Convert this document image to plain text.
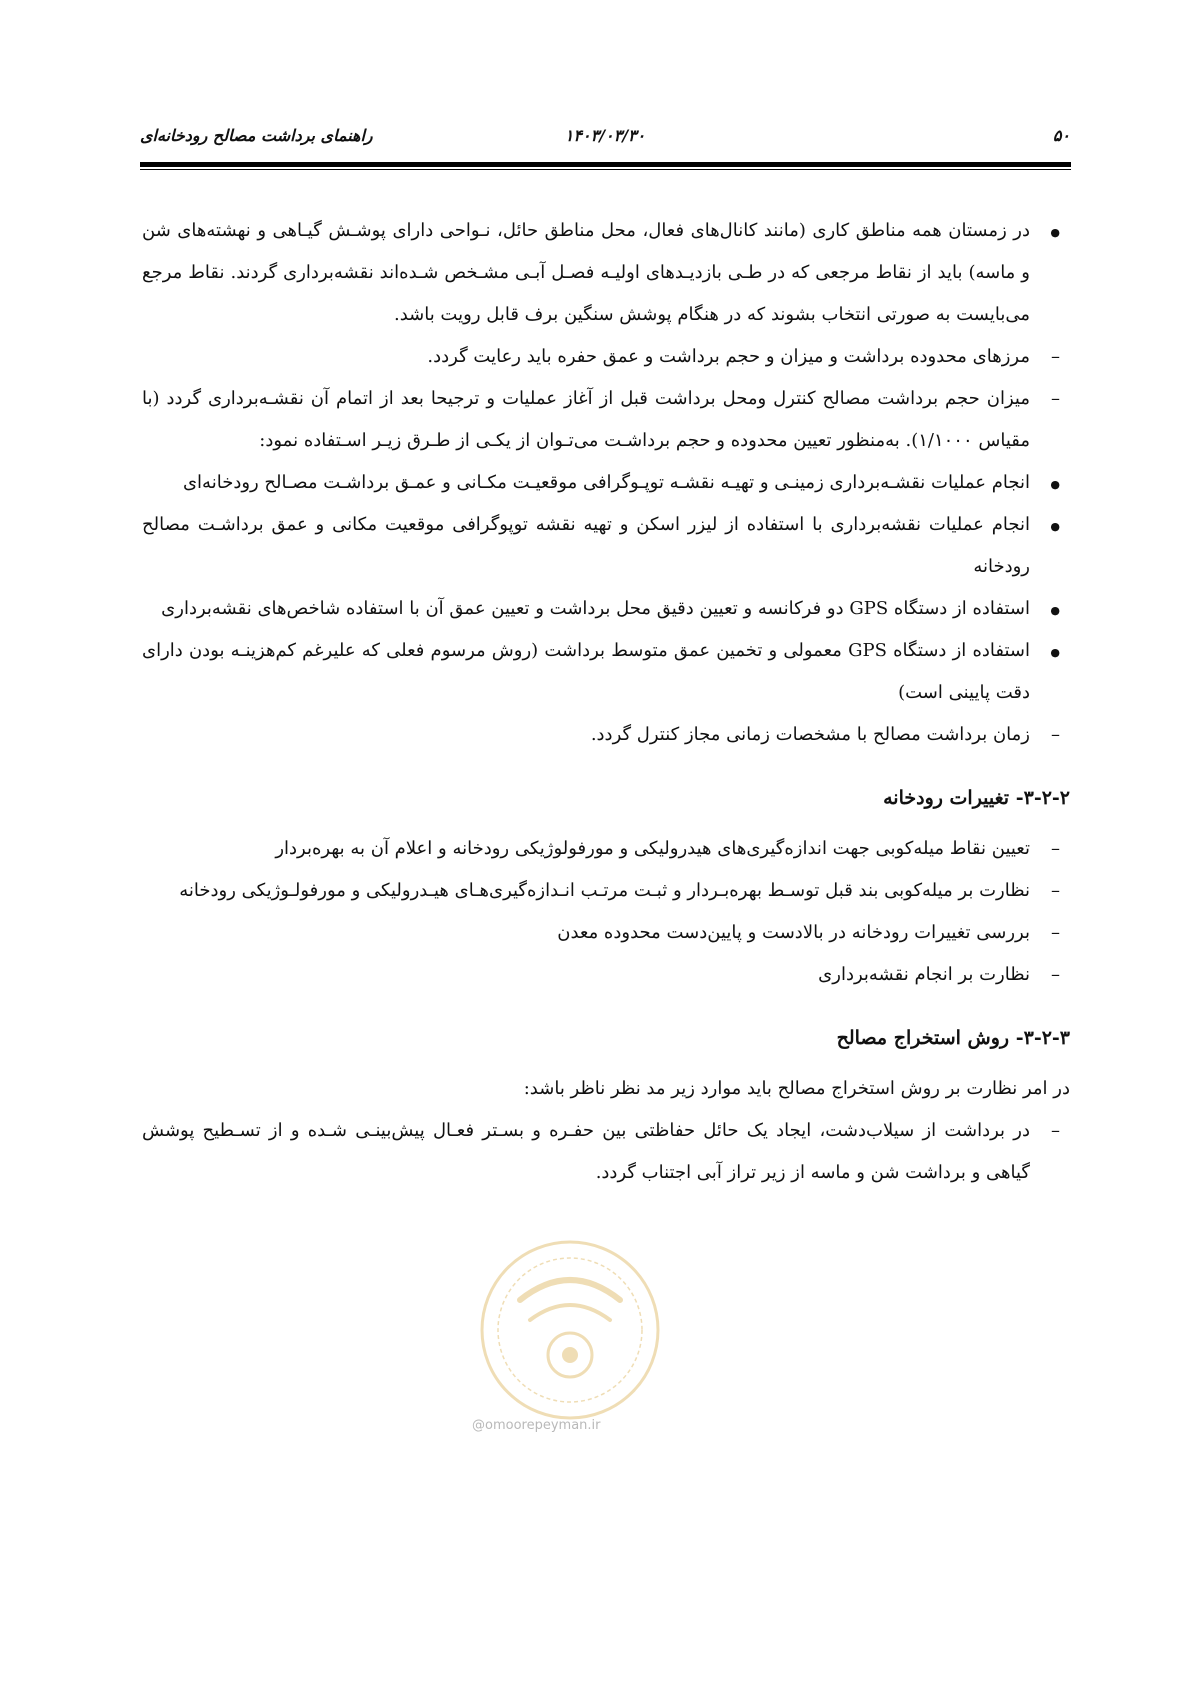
۵۰
۱۴۰۳/۰۳/۳۰
راهنمای برداشت مصالح رودخانه‌ای

●
در زمستان همه مناطق کاری (مانند کانال‌های فعال، محل مناطق حائل، نـواحی دارای پوشـش گیـاهی و نهشته‌های شن و ماسه) باید از نقاط مرجعی که در طـی بازدیـدهای اولیـه فصـل آبـی مشـخص شـده‌اند نقشه‌برداری گردند. نقاط مرجع می‌بایست به صورتی انتخاب بشوند که در هنگام پوشش سنگین برف قابل رویت باشد.

–
مرزهای محدوده برداشت و میزان و حجم برداشت و عمق حفره باید رعایت گردد.

–
میزان حجم برداشت مصالح کنترل ومحل برداشت قبل از آغاز عملیات و ترجیحا بعد از اتمام آن نقشـه‌برداری گردد (با مقیاس ۱/۱۰۰۰). به‌منظور تعیین محدوده و حجم برداشـت می‌تـوان از یکـی از طـرق زیـر اسـتفاده نمود:

●
انجام عملیات نقشـه‌برداری زمینـی و تهیـه نقشـه توپـوگرافی موقعیـت مکـانی و عمـق برداشـت مصـالح رودخانه‌ای

●
انجام عملیات نقشه‌برداری با استفاده از لیزر اسکن و تهیه نقشه توپوگرافی موقعیت مکانی و عمق برداشـت مصالح رودخانه

●
استفاده از دستگاه GPS دو فرکانسه و تعیین دقیق محل برداشت و تعیین عمق آن با استفاده شاخص‌های نقشه‌برداری

●
استفاده از دستگاه GPS معمولی و تخمین عمق متوسط برداشت (روش مرسوم فعلی که علیرغم کم‌هزینـه بودن دارای دقت پایینی است)

–
زمان برداشت مصالح با مشخصات زمانی مجاز کنترل گردد.

۳-۲-۲- تغییرات رودخانه

–
تعیین نقاط میله‌کوبی جهت اندازه‌گیری‌های هیدرولیکی و مورفولوژیکی رودخانه و اعلام آن به بهره‌بردار

–
نظارت بر میله‌کوبی بند قبل توسـط بهره‌بـردار و ثبـت مرتـب انـدازه‌گیری‌هـای هیـدرولیکی و مورفولـوژیکی رودخانه

–
بررسی تغییرات رودخانه در بالادست و پایین‌دست محدوده معدن

–
نظارت بر انجام نقشه‌برداری

۳-۲-۳- روش استخراج مصالح

در امر نظارت بر روش استخراج مصالح باید موارد زیر مد نظر ناظر باشد:

–
در برداشت از سیلاب‌دشت، ایجاد یک حائل حفاظتی بین حفـره و بسـتر فعـال پیش‌بینـی شـده و از تسـطیح پوشش گیاهی و برداشت شن و ماسه از زیر تراز آبی اجتناب گردد.

@omoorepeyman.ir
